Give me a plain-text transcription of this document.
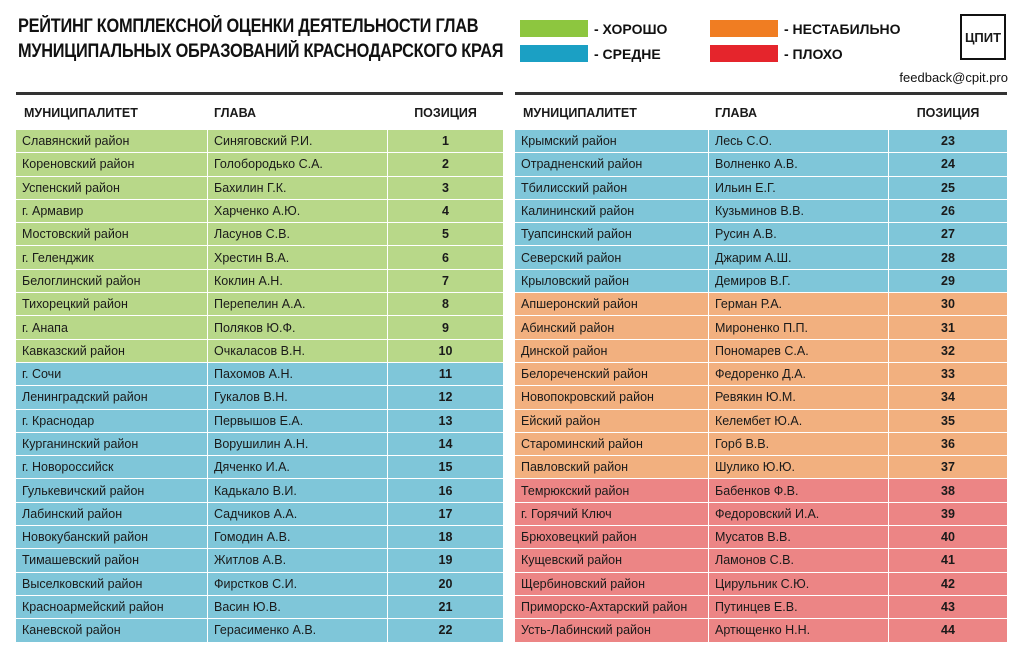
РЕЙТИНГ КОМПЛЕКСНОЙ ОЦЕНКИ ДЕЯТЕЛЬНОСТИ ГЛАВ
МУНИЦИПАЛЬНЫХ ОБРАЗОВАНИЙ КРАСНОДАРСКОГО КРАЯ
- ХОРОШО
- СРЕДНЕ
- НЕСТАБИЛЬНО
- ПЛОХО
ЦПИТ
feedback@cpit.pro
МУНИЦИПАЛИТЕТ	ГЛАВА	ПОЗИЦИЯ
Славянский район	Синяговский Р.И.	1
Кореновский район	Голобородько С.А.	2
Успенский район	Бахилин Г.К.	3
г. Армавир	Харченко А.Ю.	4
Мостовский район	Ласунов С.В.	5
г. Геленджик	Хрестин В.А.	6
Белоглинский район	Коклин А.Н.	7
Тихорецкий район	Перепелин А.А.	8
г. Анапа	Поляков Ю.Ф.	9
Кавказский район	Очкаласов В.Н.	10
г. Сочи	Пахомов А.Н.	11
Ленинградский район	Гукалов В.Н.	12
г. Краснодар	Первышов Е.А.	13
Курганинский район	Ворушилин А.Н.	14
г. Новороссийск	Дяченко И.А.	15
Гулькевичский район	Кадькало В.И.	16
Лабинский район	Садчиков А.А.	17
Новокубанский район	Гомодин А.В.	18
Тимашевский район	Житлов А.В.	19
Выселковский район	Фирстков С.И.	20
Красноармейский район	Васин Ю.В.	21
Каневской район	Герасименко А.В.	22
МУНИЦИПАЛИТЕТ	ГЛАВА	ПОЗИЦИЯ
Крымский район	Лесь С.О.	23
Отрадненский район	Волненко А.В.	24
Тбилисский район	Ильин Е.Г.	25
Калининский район	Кузьминов В.В.	26
Туапсинский район	Русин А.В.	27
Северский район	Джарим А.Ш.	28
Крыловский район	Демиров В.Г.	29
Апшеронский район	Герман Р.А.	30
Абинский район	Мироненко П.П.	31
Динской район	Пономарев С.А.	32
Белореченский район	Федоренко Д.А.	33
Новопокровский район	Ревякин Ю.М.	34
Ейский район	Келембет Ю.А.	35
Староминский район	Горб В.В.	36
Павловский район	Шулико Ю.Ю.	37
Темрюкский район	Бабенков Ф.В.	38
г. Горячий Ключ	Федоровский И.А.	39
Брюховецкий район	Мусатов В.В.	40
Кущевский район	Ламонов С.В.	41
Щербиновский район	Цирульник С.Ю.	42
Приморско-Ахтарский район	Путинцев Е.В.	43
Усть-Лабинский район	Артющенко Н.Н.	44
